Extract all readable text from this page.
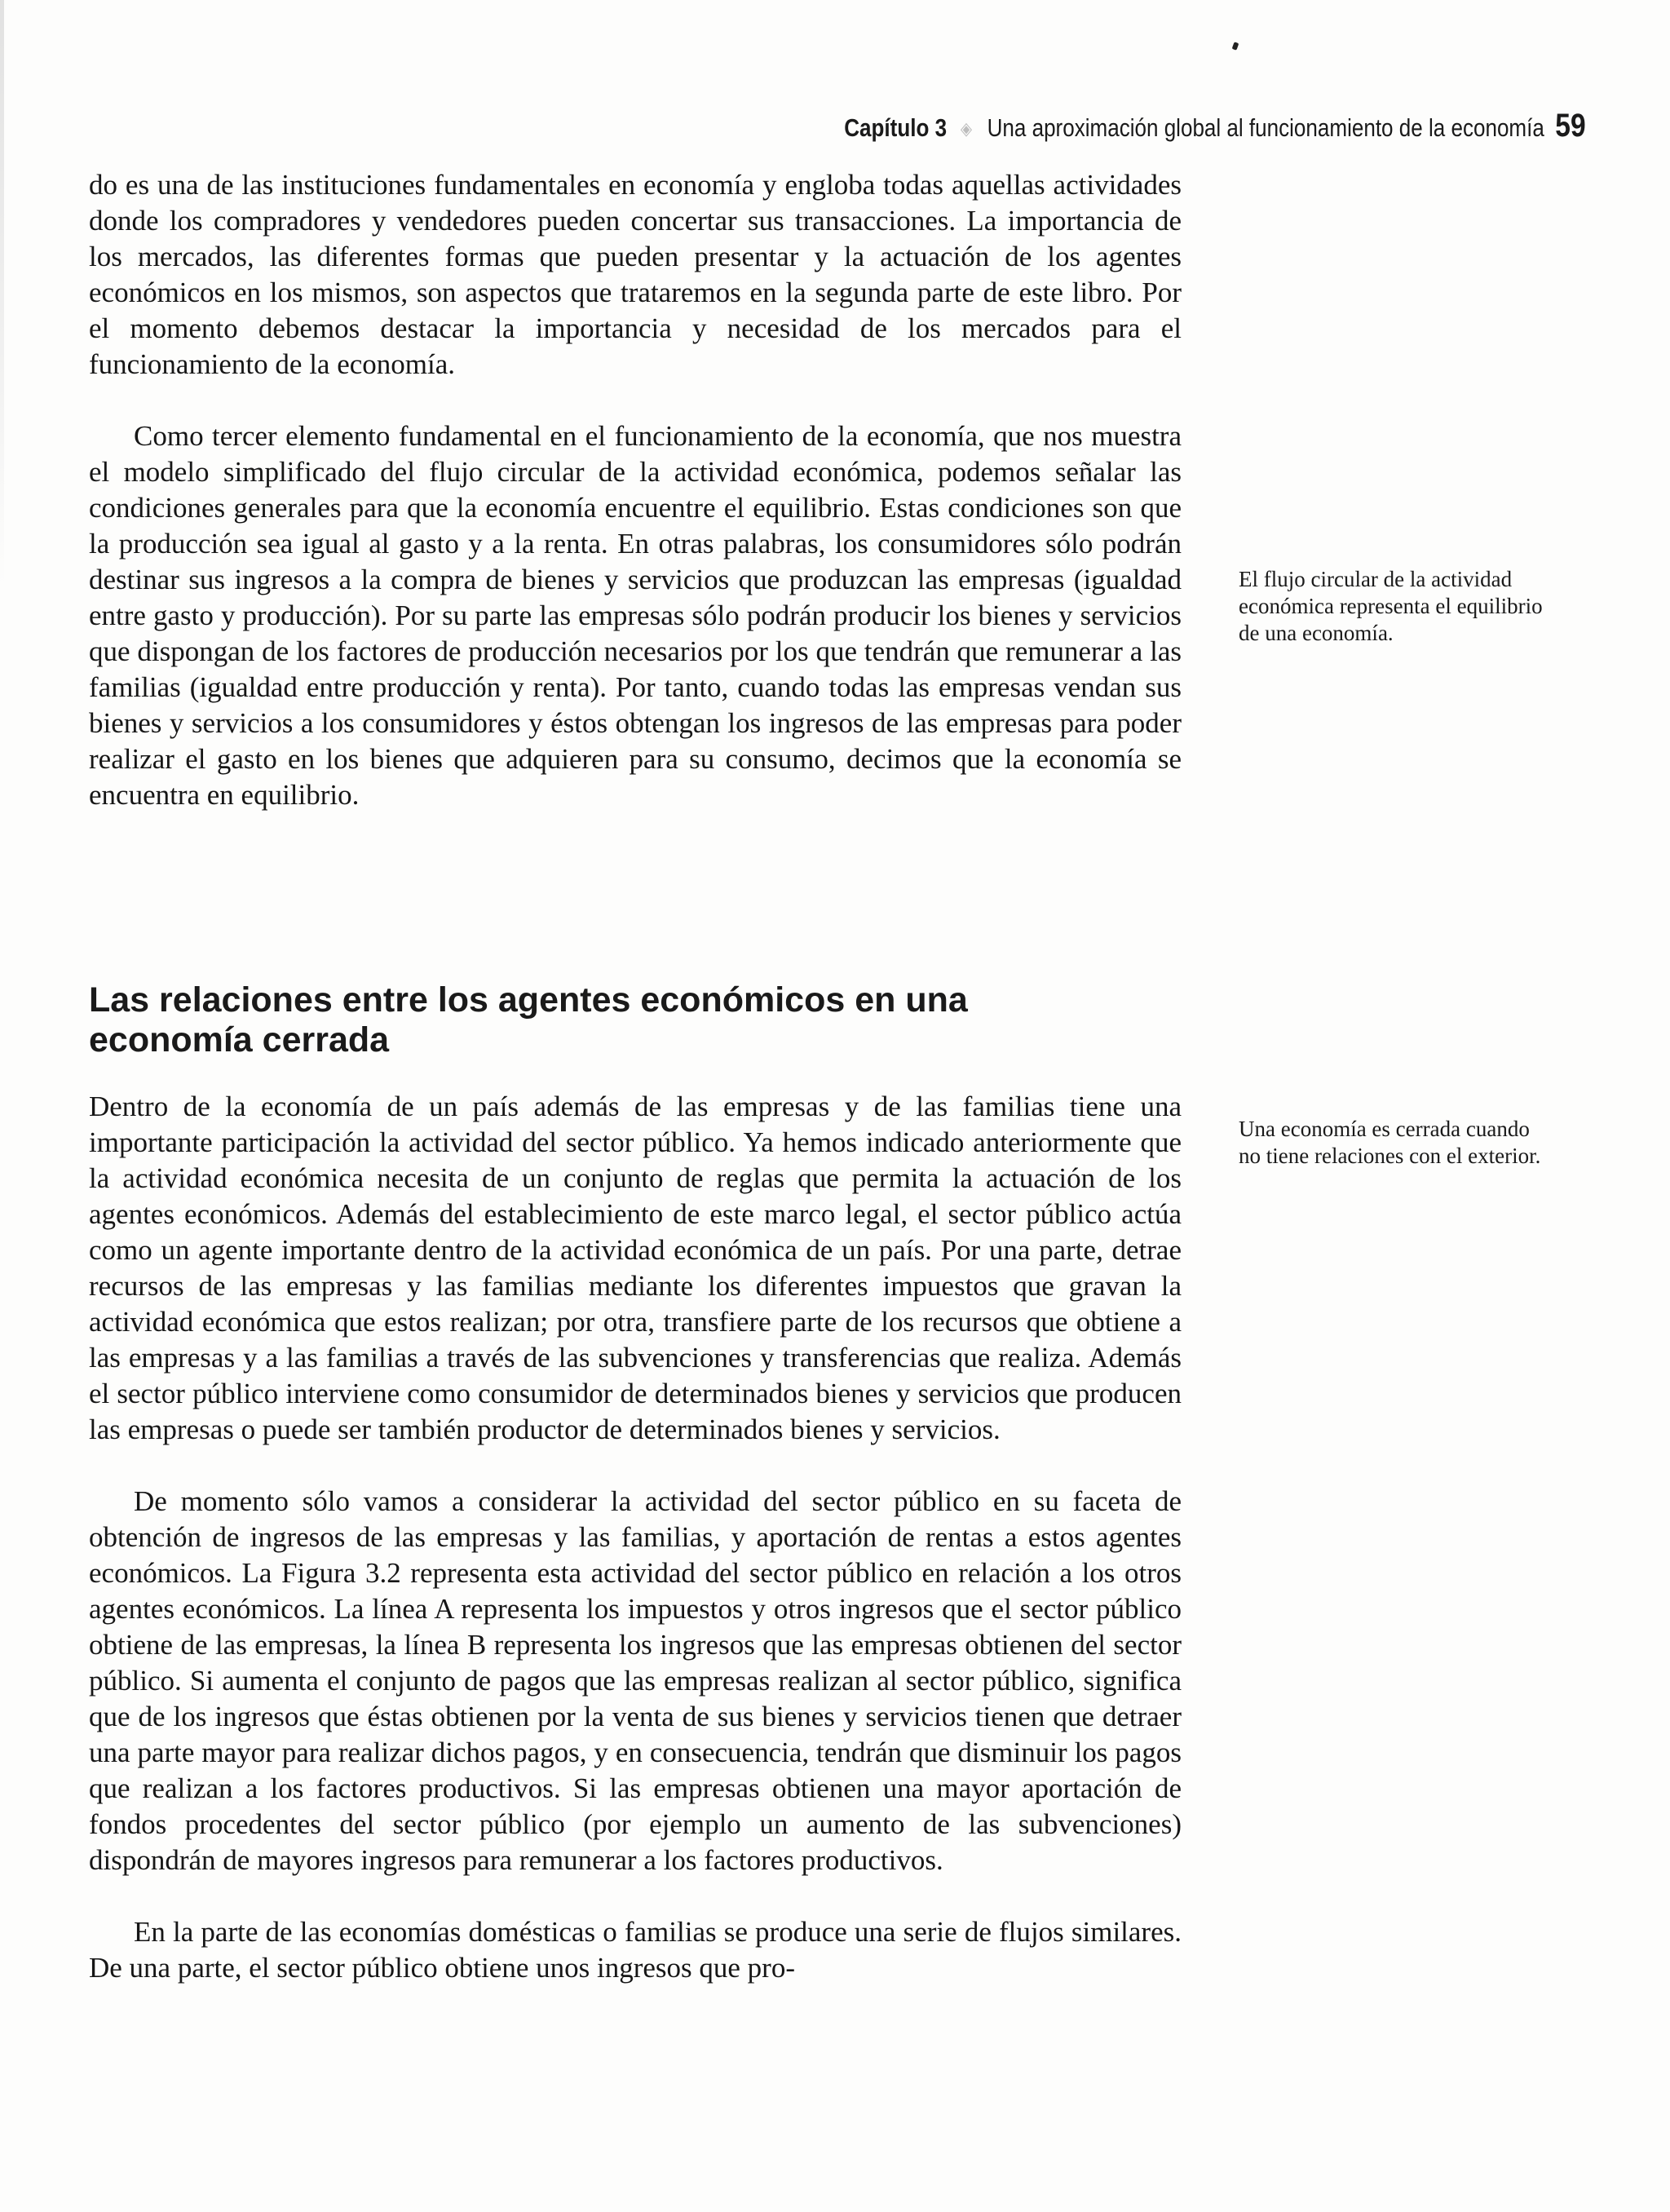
Capítulo 3 ◈ Una aproximación global al funcionamiento de la economía 59

do es una de las instituciones fundamentales en economía y engloba todas aquellas actividades donde los compradores y vendedores pueden concertar sus transacciones. La importancia de los mercados, las diferentes formas que pueden presentar y la actuación de los agentes económicos en los mismos, son aspectos que trataremos en la segunda parte de este libro. Por el momento debemos destacar la importancia y necesidad de los mercados para el funcionamiento de la economía.

Como tercer elemento fundamental en el funcionamiento de la economía, que nos muestra el modelo simplificado del flujo circular de la actividad económica, podemos señalar las condiciones generales para que la economía encuentre el equilibrio. Estas condiciones son que la producción sea igual al gasto y a la renta. En otras palabras, los consumidores sólo podrán destinar sus ingresos a la compra de bienes y servicios que produzcan las empresas (igualdad entre gasto y producción). Por su parte las empresas sólo podrán producir los bienes y servicios que dispongan de los factores de producción necesarios por los que tendrán que remunerar a las familias (igualdad entre producción y renta). Por tanto, cuando todas las empresas vendan sus bienes y servicios a los consumidores y éstos obtengan los ingresos de las empresas para poder realizar el gasto en los bienes que adquieren para su consumo, decimos que la economía se encuentra en equilibrio.

Las relaciones entre los agentes económicos en una economía cerrada

Dentro de la economía de un país además de las empresas y de las familias tiene una importante participación la actividad del sector público. Ya hemos indicado anteriormente que la actividad económica necesita de un conjunto de reglas que permita la actuación de los agentes económicos. Además del establecimiento de este marco legal, el sector público actúa como un agente importante dentro de la actividad económica de un país. Por una parte, detrae recursos de las empresas y las familias mediante los diferentes impuestos que gravan la actividad económica que estos realizan; por otra, transfiere parte de los recursos que obtiene a las empresas y a las familias a través de las subvenciones y transferencias que realiza. Además el sector público interviene como consumidor de determinados bienes y servicios que producen las empresas o puede ser también productor de determinados bienes y servicios.

De momento sólo vamos a considerar la actividad del sector público en su faceta de obtención de ingresos de las empresas y las familias, y aportación de rentas a estos agentes económicos. La Figura 3.2 representa esta actividad del sector público en relación a los otros agentes económicos. La línea A representa los impuestos y otros ingresos que el sector público obtiene de las empresas, la línea B representa los ingresos que las empresas obtienen del sector público. Si aumenta el conjunto de pagos que las empresas realizan al sector público, significa que de los ingresos que éstas obtienen por la venta de sus bienes y servicios tienen que detraer una parte mayor para realizar dichos pagos, y en consecuencia, tendrán que disminuir los pagos que realizan a los factores productivos. Si las empresas obtienen una mayor aportación de fondos procedentes del sector público (por ejemplo un aumento de las subvenciones) dispondrán de mayores ingresos para remunerar a los factores productivos.

En la parte de las economías domésticas o familias se produce una serie de flujos similares. De una parte, el sector público obtiene unos ingresos que pro-

El flujo circular de la actividad económica representa el equilibrio de una economía.

Una economía es cerrada cuando no tiene relaciones con el exterior.
